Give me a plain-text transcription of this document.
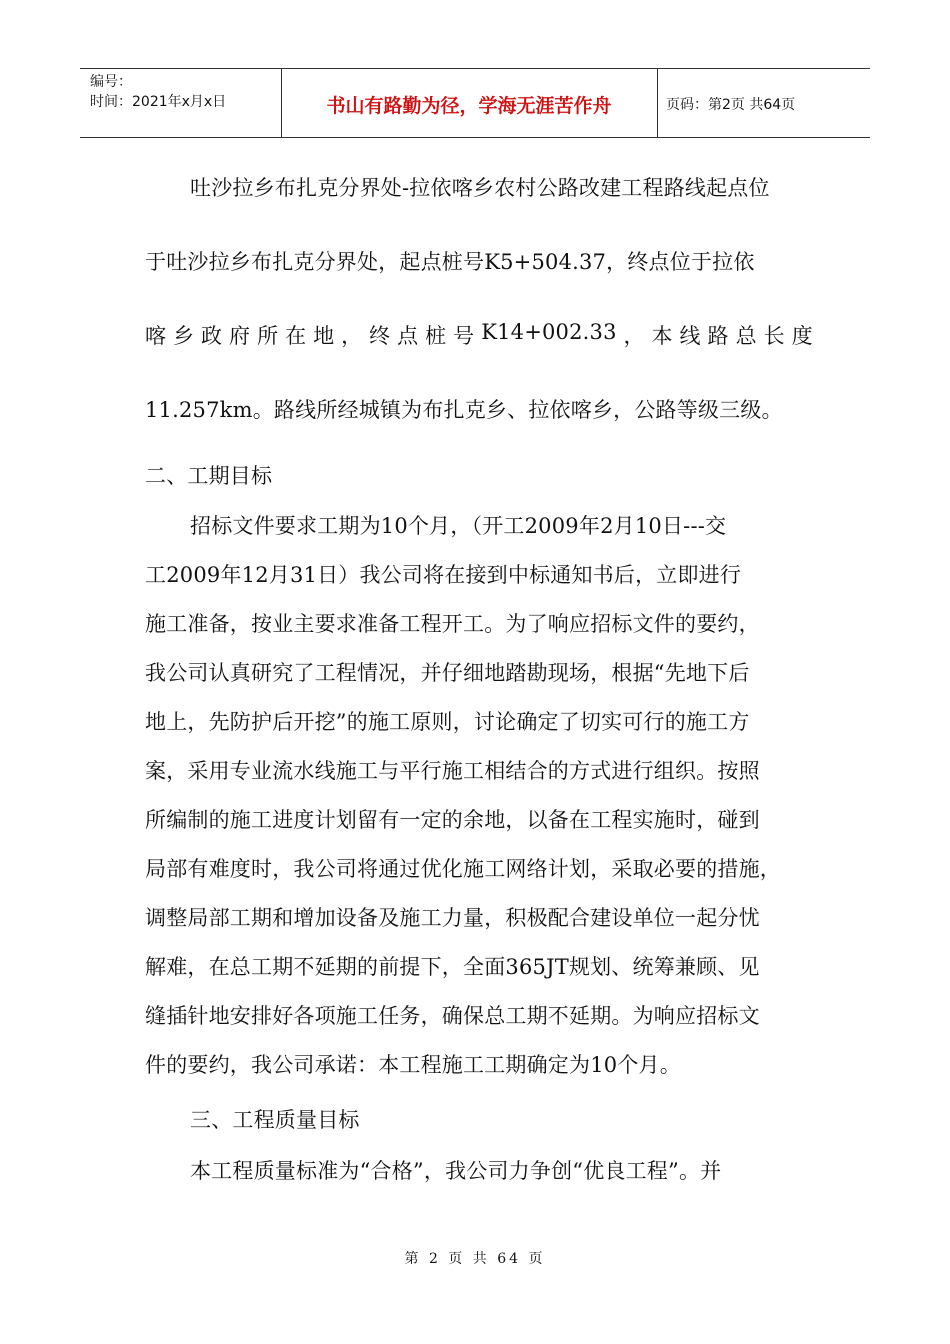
编号：
时间：2021年x月x日	书山有路勤为径，学海无涯苦作舟	页码：第2页 共64页
吐沙拉乡布扎克分界处-拉依喀乡农村公路改建工程路线起点位
于吐沙拉乡布扎克分界处，起点桩号K5+504.37，终点位于拉依
喀 乡 政 府 所 在 地 ， 终 点 桩 号 K14+002.33 ， 本 线 路 总 长 度
11.257km。路线所经城镇为布扎克乡、拉依喀乡，公路等级三级。
二、工期目标
招标文件要求工期为10个月，（开工2009年2月10日---交
工2009年12月31日）我公司将在接到中标通知书后，立即进行
施工准备，按业主要求准备工程开工。为了响应招标文件的要约，
我公司认真研究了工程情况，并仔细地踏勘现场，根据“先地下后
地上，先防护后开挖”的施工原则，讨论确定了切实可行的施工方
案，采用专业流水线施工与平行施工相结合的方式进行组织。按照
所编制的施工进度计划留有一定的余地，以备在工程实施时，碰到
局部有难度时，我公司将通过优化施工网络计划，采取必要的措施，
调整局部工期和增加设备及施工力量，积极配合建设单位一起分忧
解难，在总工期不延期的前提下，全面365JT规划、统筹兼顾、见
缝插针地安排好各项施工任务，确保总工期不延期。为响应招标文
件的要约，我公司承诺：本工程施工工期确定为10个月。
三、工程质量目标
本工程质量标准为“合格”，我公司力争创“优良工程”。并
第 2 页 共 64 页
